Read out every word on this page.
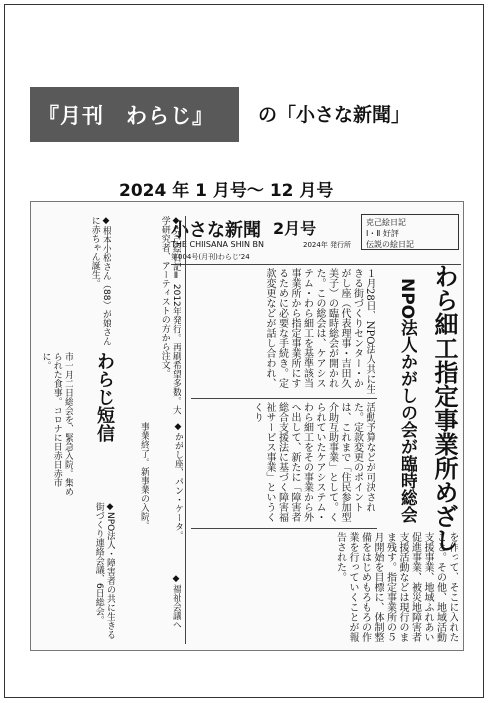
『月刊　わらじ』	の「小さな新聞」
2024 年 1 月号～ 12 月号
克己絵日記
Ⅰ・Ⅱ 好評
伝説の絵日記
小さな新聞 2月号
THE CHIISANA SHIN BN
第004号(月刊)わらじ'24
2024年 発行所
わら細工指定事業所めざし
NPO法人かがしの会が臨時総会
１月28日、NPO法人共に生きる街づくりセンター・かがし座（代表理事・吉田久美子）の臨時総会が開かれた。この総会は、ケアシステム・わら細工を基準該当事業所から指定事業所にするために必要な手続き。定款変更などが話し合われ、
活動予算などが可決された。定款変更のポイントは、これまで「住民参加型介助互助事業」として。くられていたケアシステム・わら細工をその事業から外へ出して、新たに「障害者総合支援法に基づく障害福祉サービス事業」というくくり
を作って、そこに入れたこと。その他、地域活動支援事業、地域ふれあい促進事業、被災地障害者支援活動などは現行のまま残す。指定事業所の５月開始を目標に、体制整備をはじめもろもろの作業を行っていくことが報告された。
◆克己絵日記Ⅱ 2012年発行。再刷希望多数。大学研究者、アーティストの方から注文。
◆根本小松さん（88）が娘さんに赤ちゃん誕生。
わらじ短信
◆かがし座、パン・ケータ。
事業終了。新事業の入院。
◆福祉会議へ
◆NPO法人・障害者の共に生きる街づくり連絡会議、6日総会。
市一月二日総会を、緊急入院。集められた食事。コロナに日赤日赤市に。
